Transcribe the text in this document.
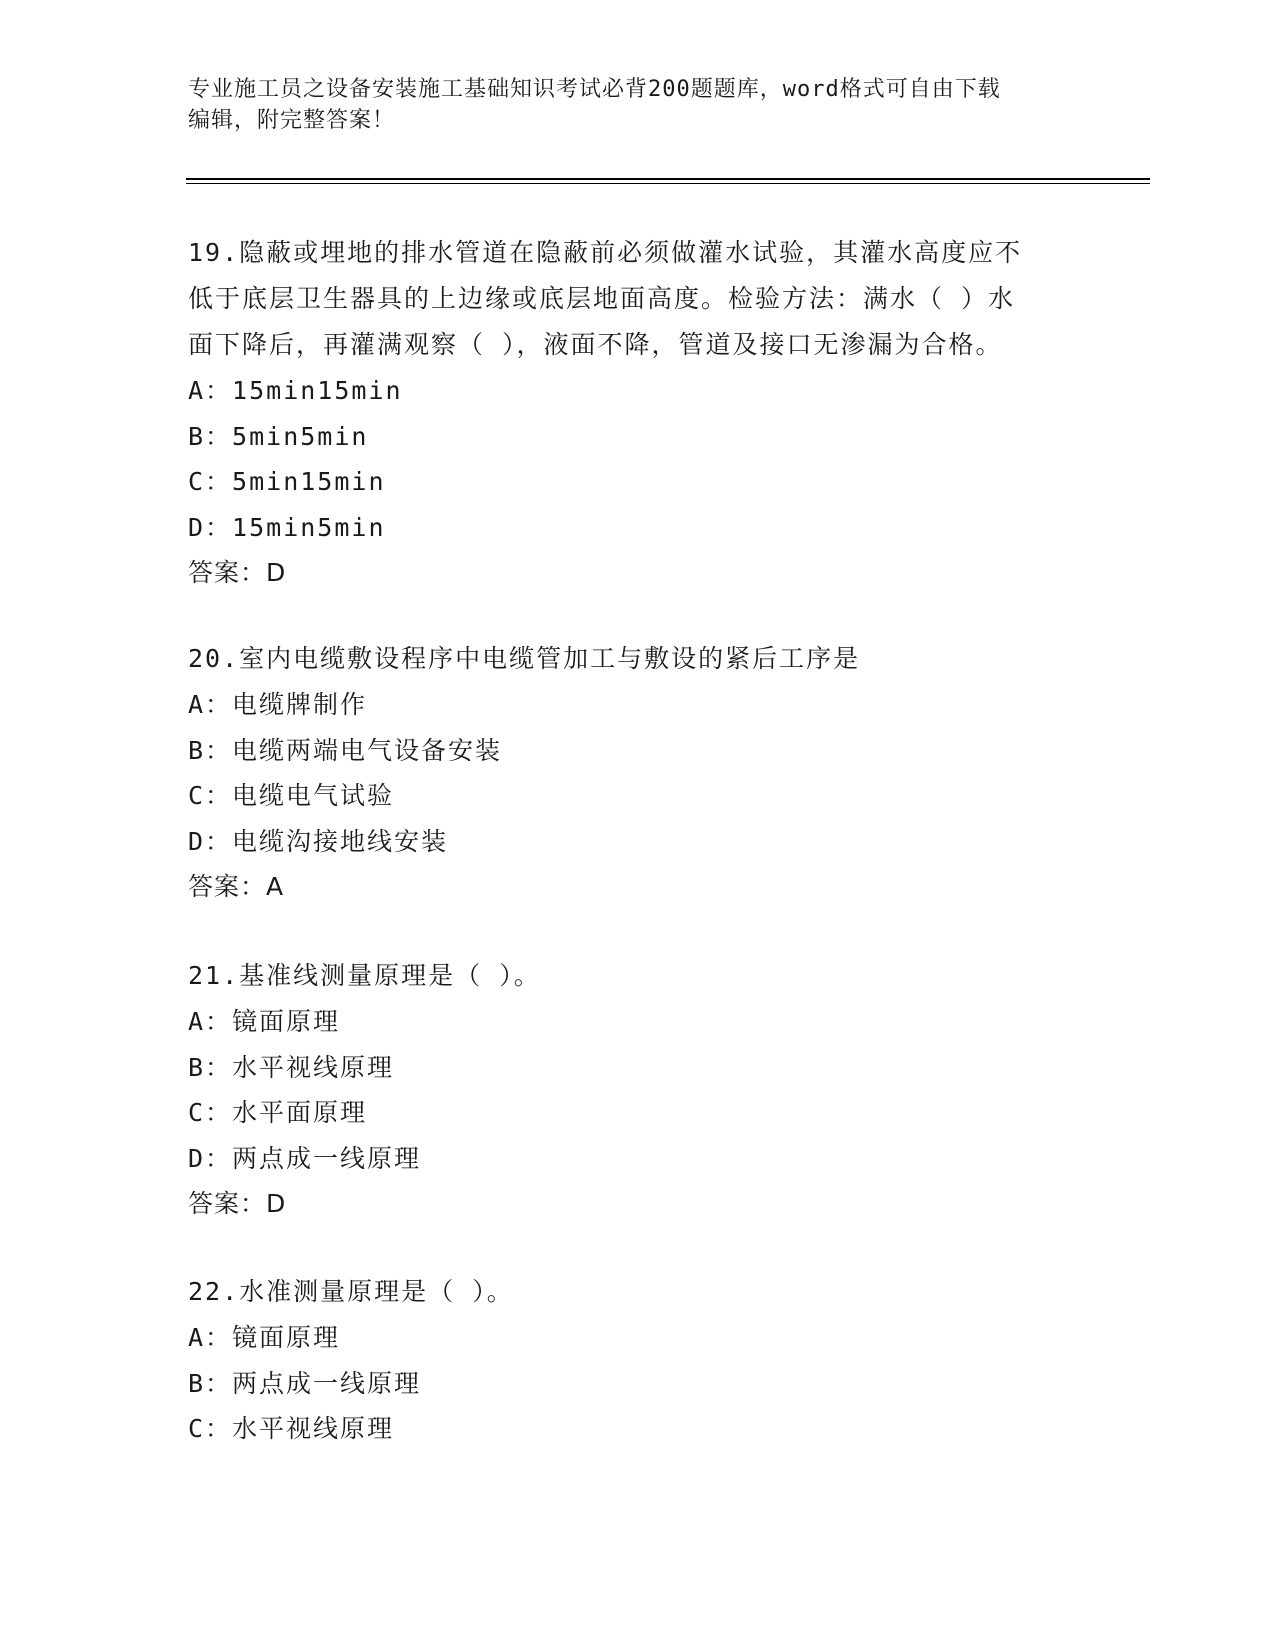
专业施工员之设备安装施工基础知识考试必背200题题库，word格式可自由下载
编辑，附完整答案！
19.隐蔽或埋地的排水管道在隐蔽前必须做灌水试验，其灌水高度应不
低于底层卫生器具的上边缘或底层地面高度。检验方法：满水（ ）水
面下降后，再灌满观察（ ），液面不降，管道及接口无渗漏为合格。
A：15min15min
B：5min5min
C：5min15min
D：15min5min
答案：D
20.室内电缆敷设程序中电缆管加工与敷设的紧后工序是
A：电缆牌制作
B：电缆两端电气设备安装
C：电缆电气试验
D：电缆沟接地线安装
答案：A
21.基准线测量原理是（ ）。
A：镜面原理
B：水平视线原理
C：水平面原理
D：两点成一线原理
答案：D
22.水准测量原理是（ ）。
A：镜面原理
B：两点成一线原理
C：水平视线原理
